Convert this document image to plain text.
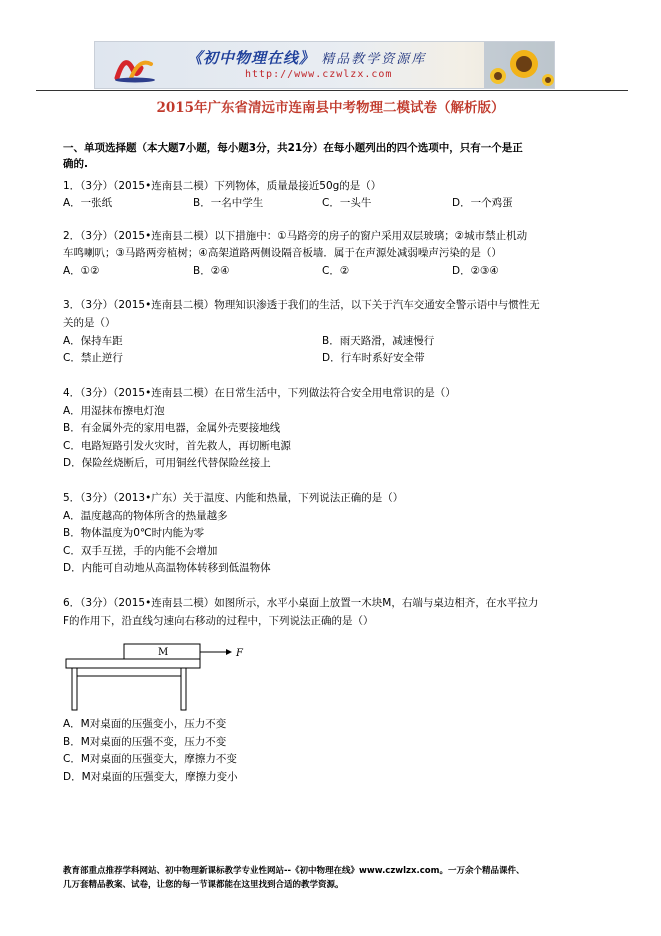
《初中物理在线》 精品教学资源库
http://www.czwlzx.com
2015年广东省清远市连南县中考物理二模试卷（解析版）
一、单项选择题（本大题7小题，每小题3分，共21分）在每小题列出的四个选项中，只有一个是正
确的.
1．（3分）（2015•连南县二模）下列物体，质量最接近50g的是（）
A．一张纸	B．一名中学生	C．一头牛	D．一个鸡蛋
2．（3分）（2015•连南县二模）以下措施中：①马路旁的房子的窗户采用双层玻璃；②城市禁止机动
车鸣喇叭；③马路两旁植树；④高架道路两侧设隔音板墙．属于在声源处减弱噪声污染的是（）
A．①②	B．②④	C．②	D．②③④
3．（3分）（2015•连南县二模）物理知识渗透于我们的生活，以下关于汽车交通安全警示语中与惯性无
关的是（）
A．保持车距	B．雨天路滑，减速慢行
C．禁止逆行	D．行车时系好安全带
4．（3分）（2015•连南县二模）在日常生活中，下列做法符合安全用电常识的是（）
A．用湿抹布擦电灯泡
B．有金属外壳的家用电器，金属外壳要接地线
C．电路短路引发火灾时，首先救人，再切断电源
D．保险丝烧断后，可用铜丝代替保险丝接上
5．（3分）（2013•广东）关于温度、内能和热量，下列说法正确的是（）
A．温度越高的物体所含的热量越多
B．物体温度为0℃时内能为零
C．双手互搓，手的内能不会增加
D．内能可自动地从高温物体转移到低温物体
6．（3分）（2015•连南县二模）如图所示，水平小桌面上放置一木块M，右端与桌边相齐，在水平拉力
F的作用下，沿直线匀速向右移动的过程中，下列说法正确的是（）
M	F
A．M对桌面的压强变小，压力不变
B．M对桌面的压强不变，压力不变
C．M对桌面的压强变大，摩擦力不变
D．M对桌面的压强变大，摩擦力变小
教育部重点推荐学科网站、初中物理新课标教学专业性网站--《初中物理在线》www.czwlzx.com。一万余个精品课件、
几万套精品教案、试卷，让您的每一节课都能在这里找到合适的教学资源。
